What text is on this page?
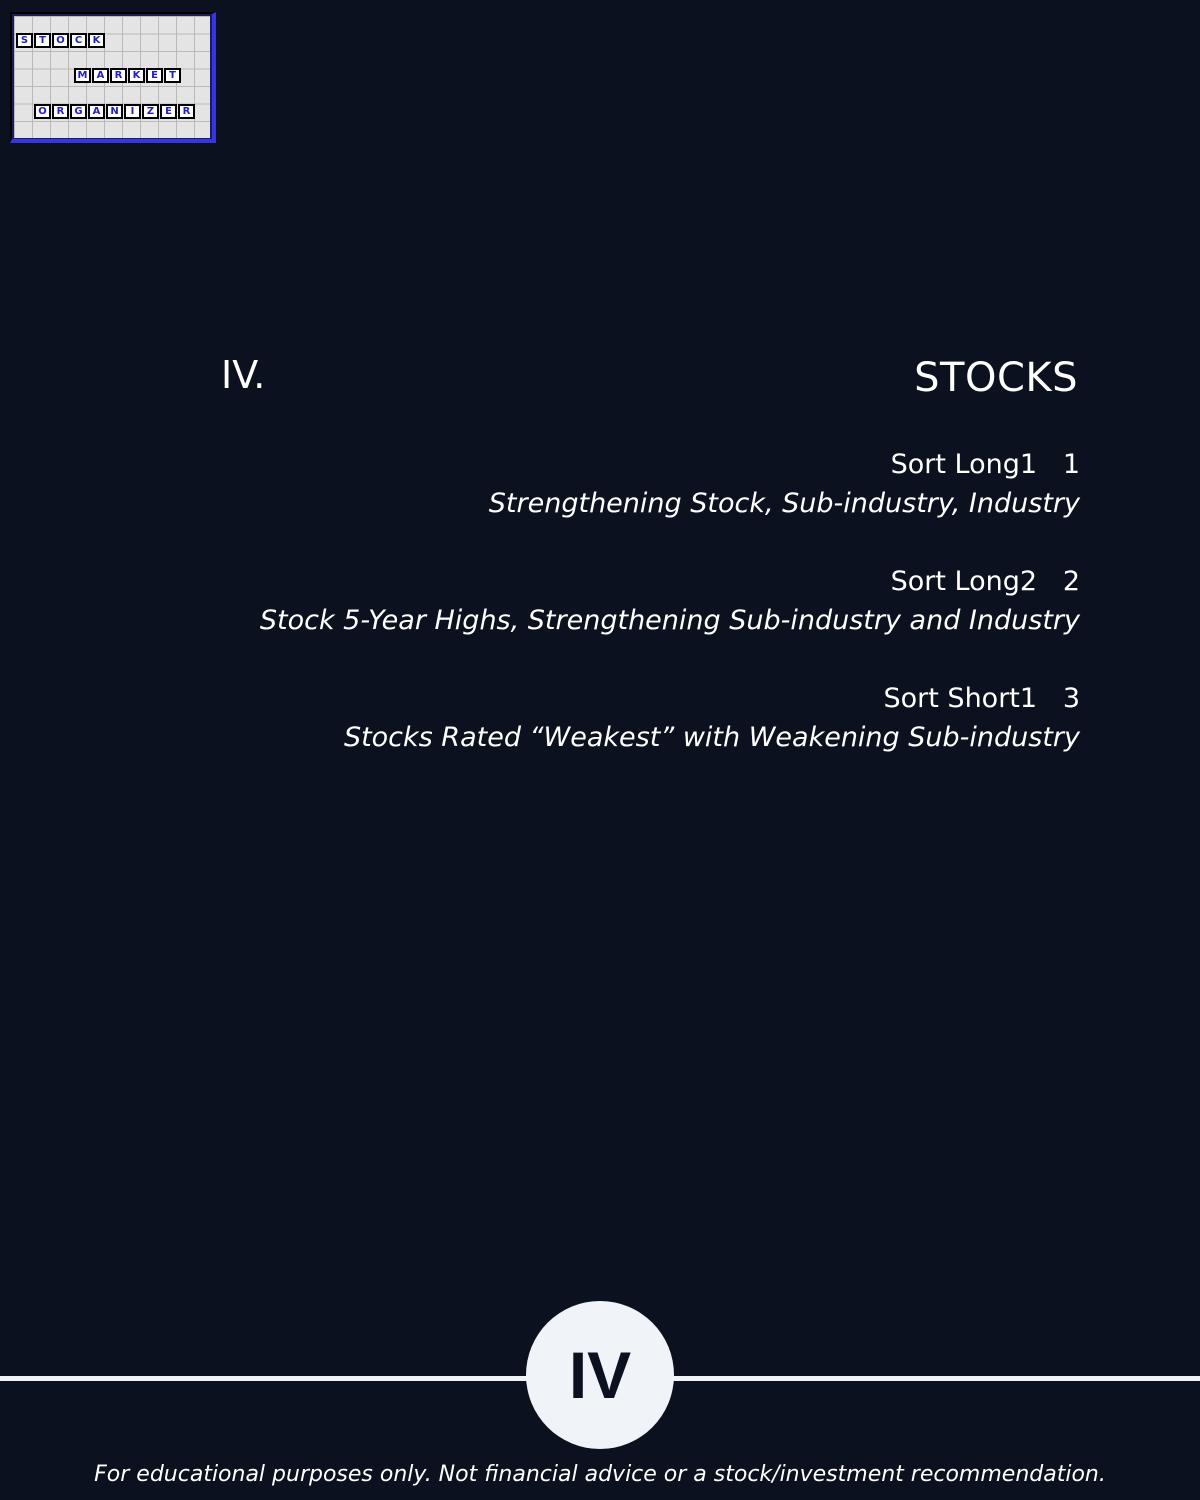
S	T	O	C	K
M A	R	K	E	T
O R	G	A N	I	Z	E	R
IV.	STOCKS
Sort Long1 1
Strengthening Stock, Sub-industry, Industry
Sort Long2 2
Stock 5-Year Highs, Strengthening Sub-industry and Industry
Sort Short1 3
Stocks Rated “Weakest” with Weakening Sub-industry
IV
For educational purposes only. Not financial advice or a stock/investment recommendation.
